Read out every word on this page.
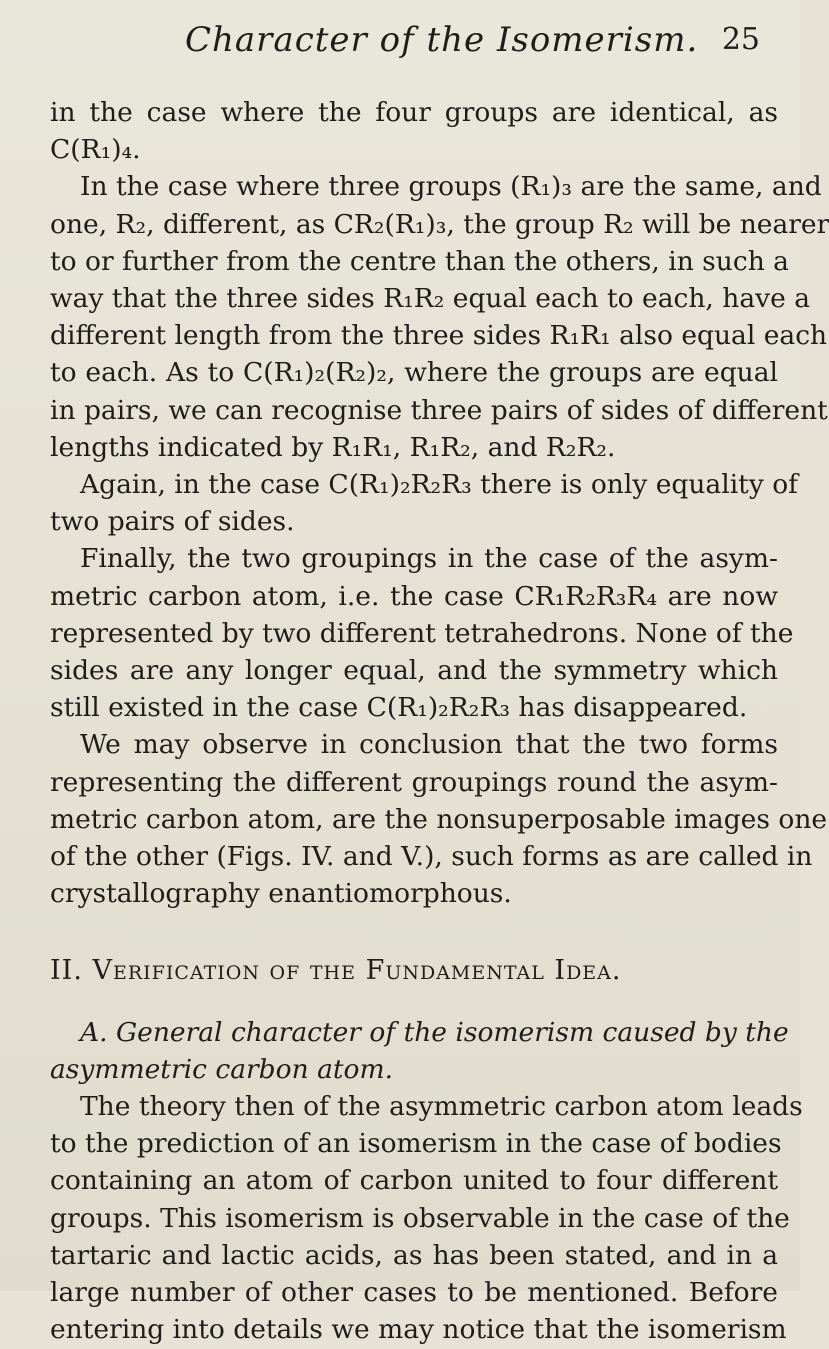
Character of the Isomerism. 25
in the case where the four groups are identical, as
C(R₁)₄.
In the case where three groups (R₁)₃ are the same, and
one, R₂, different, as CR₂(R₁)₃, the group R₂ will be nearer
to or further from the centre than the others, in such a
way that the three sides R₁R₂ equal each to each, have a
different length from the three sides R₁R₁ also equal each
to each. As to C(R₁)₂(R₂)₂, where the groups are equal
in pairs, we can recognise three pairs of sides of different
lengths indicated by R₁R₁, R₁R₂, and R₂R₂.
Again, in the case C(R₁)₂R₂R₃ there is only equality of
two pairs of sides.
Finally, the two groupings in the case of the asym-
metric carbon atom, i.e. the case CR₁R₂R₃R₄ are now
represented by two different tetrahedrons. None of the
sides are any longer equal, and the symmetry which
still existed in the case C(R₁)₂R₂R₃ has disappeared.
We may observe in conclusion that the two forms
representing the different groupings round the asym-
metric carbon atom, are the nonsuperposable images one
of the other (Figs. IV. and V.), such forms as are called in
crystallography enantiomorphous.
II. Verification of the Fundamental Idea.
A. General character of the isomerism caused by the
asymmetric carbon atom.
The theory then of the asymmetric carbon atom leads
to the prediction of an isomerism in the case of bodies
containing an atom of carbon united to four different
groups. This isomerism is observable in the case of the
tartaric and lactic acids, as has been stated, and in a
large number of other cases to be mentioned. Before
entering into details we may notice that the isomerism
